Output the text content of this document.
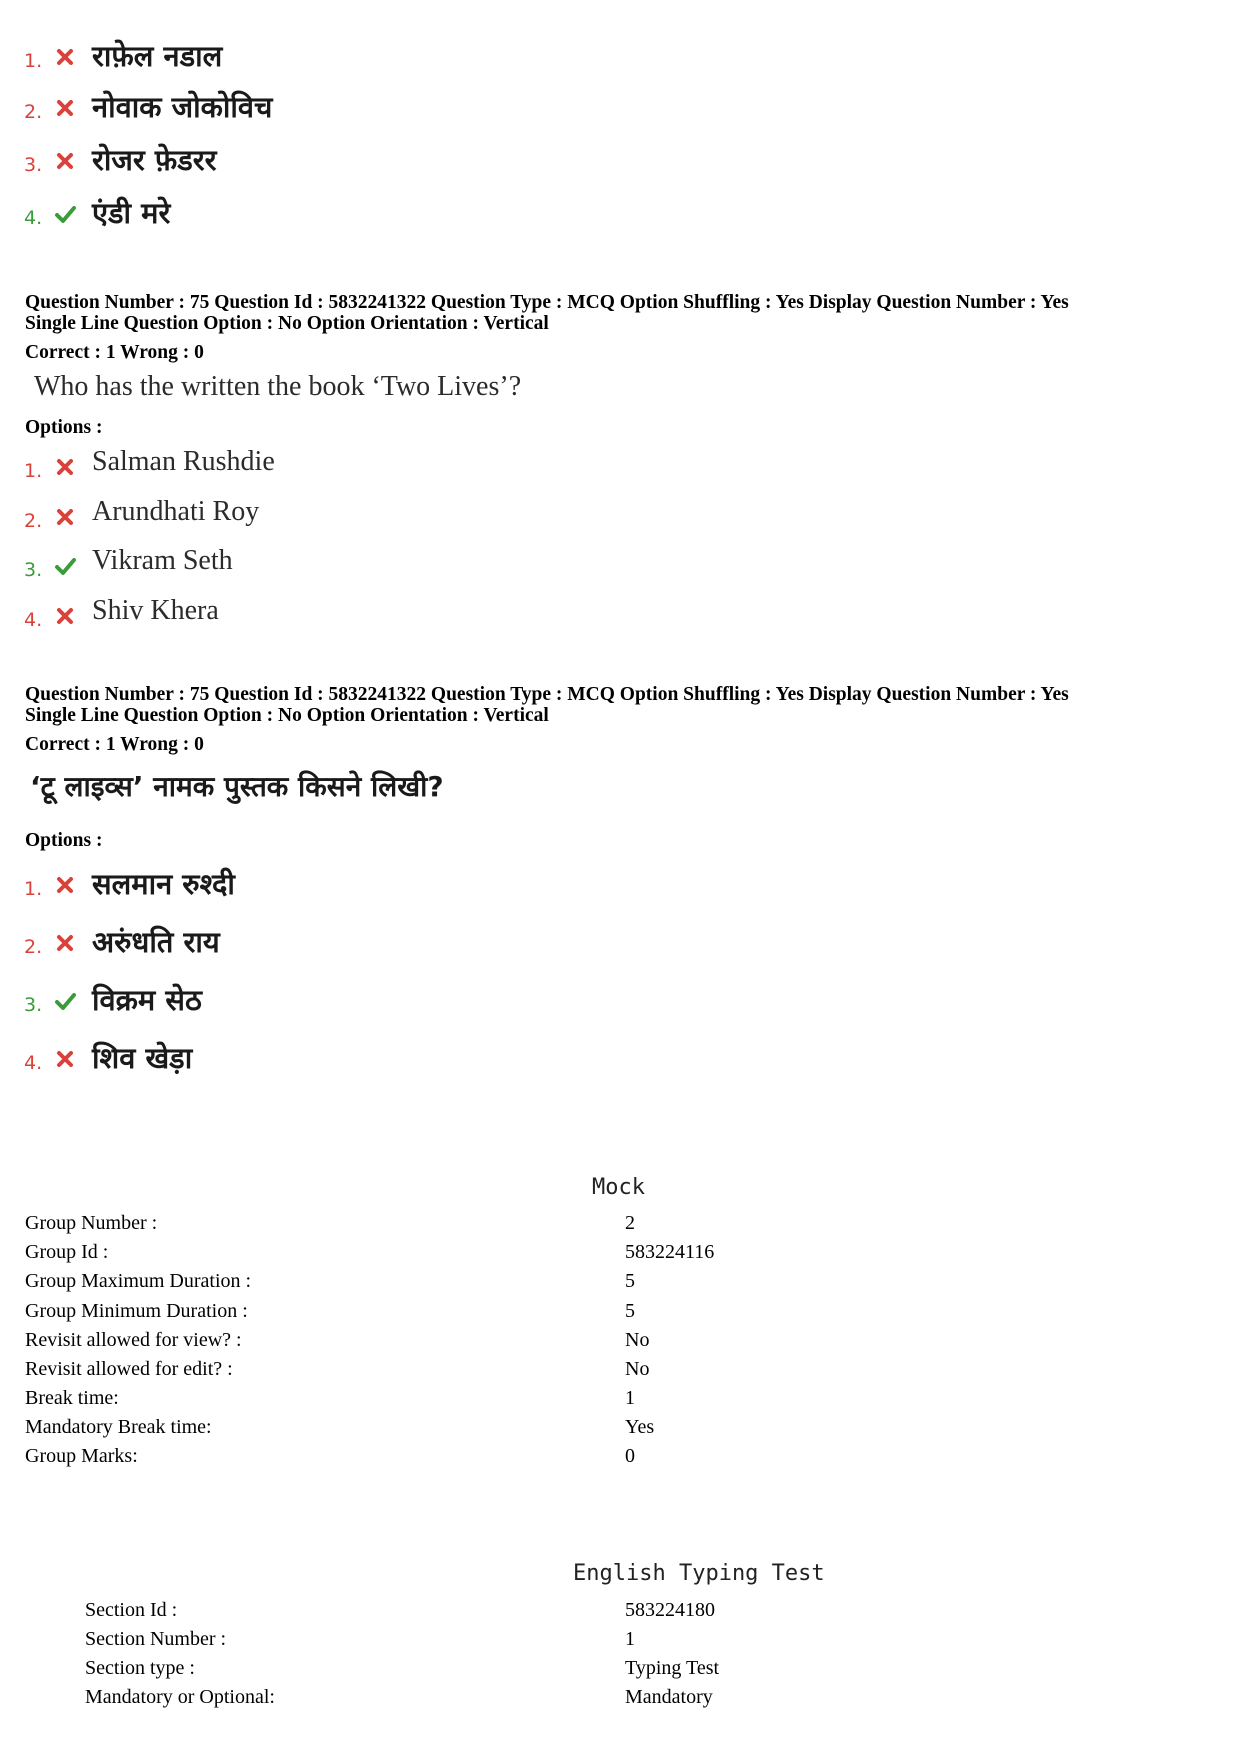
1. राफ़ेल नडाल
2. नोवाक जोकोविच
3. रोजर फ़ेडरर
4. एंडी मरे
Question Number : 75 Question Id : 5832241322 Question Type : MCQ Option Shuffling : Yes Display Question Number : Yes
Single Line Question Option : No Option Orientation : Vertical
Correct : 1 Wrong : 0
Who has the written the book ‘Two Lives’?
Options :
1. Salman Rushdie
2. Arundhati Roy
3. Vikram Seth
4. Shiv Khera
Question Number : 75 Question Id : 5832241322 Question Type : MCQ Option Shuffling : Yes Display Question Number : Yes
Single Line Question Option : No Option Orientation : Vertical
Correct : 1 Wrong : 0
‘टू लाइव्स’ नामक पुस्तक किसने लिखी?
Options :
1. सलमान रुश्दी
2. अरुंधति राय
3. विक्रम सेठ
4. शिव खेड़ा
Mock
Group Number :	2
Group Id :	583224116
Group Maximum Duration :	5
Group Minimum Duration :	5
Revisit allowed for view? :	No
Revisit allowed for edit? :	No
Break time:	1
Mandatory Break time:	Yes
Group Marks:	0
English Typing Test
Section Id :	583224180
Section Number :	1
Section type :	Typing Test
Mandatory or Optional:	Mandatory
